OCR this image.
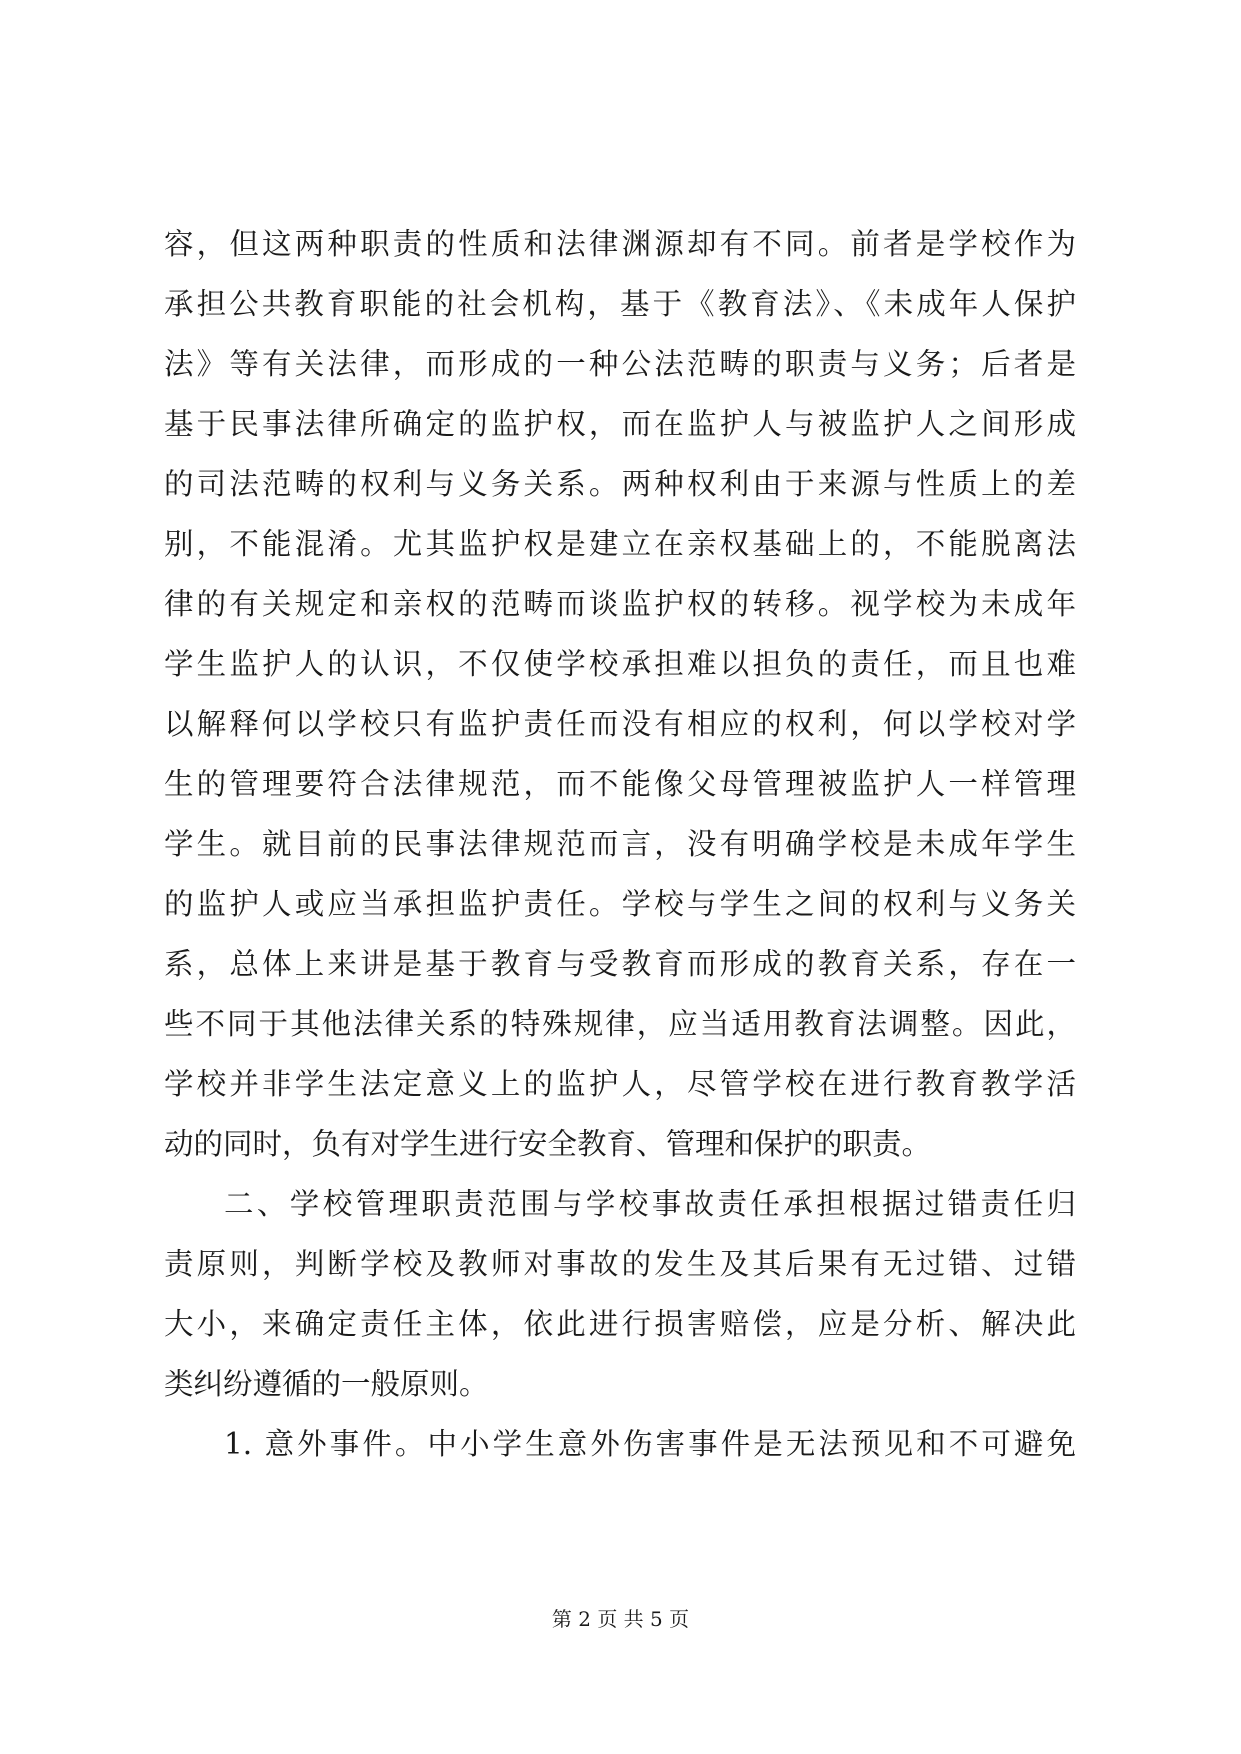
容，但这两种职责的性质和法律渊源却有不同。前者是学校作为
承担公共教育职能的社会机构，基于《教育法》、《未成年人保护
法》等有关法律，而形成的一种公法范畴的职责与义务；后者是
基于民事法律所确定的监护权，而在监护人与被监护人之间形成
的司法范畴的权利与义务关系。两种权利由于来源与性质上的差
别，不能混淆。尤其监护权是建立在亲权基础上的，不能脱离法
律的有关规定和亲权的范畴而谈监护权的转移。视学校为未成年
学生监护人的认识，不仅使学校承担难以担负的责任，而且也难
以解释何以学校只有监护责任而没有相应的权利，何以学校对学
生的管理要符合法律规范，而不能像父母管理被监护人一样管理
学生。就目前的民事法律规范而言，没有明确学校是未成年学生
的监护人或应当承担监护责任。学校与学生之间的权利与义务关
系，总体上来讲是基于教育与受教育而形成的教育关系，存在一
些不同于其他法律关系的特殊规律，应当适用教育法调整。因此，
学校并非学生法定意义上的监护人，尽管学校在进行教育教学活
动的同时，负有对学生进行安全教育、管理和保护的职责。
二、学校管理职责范围与学校事故责任承担根据过错责任归
责原则，判断学校及教师对事故的发生及其后果有无过错、过错
大小，来确定责任主体，依此进行损害赔偿，应是分析、解决此
类纠纷遵循的一般原则。
1. 意外事件。中小学生意外伤害事件是无法预见和不可避免
第 2 页 共 5 页
